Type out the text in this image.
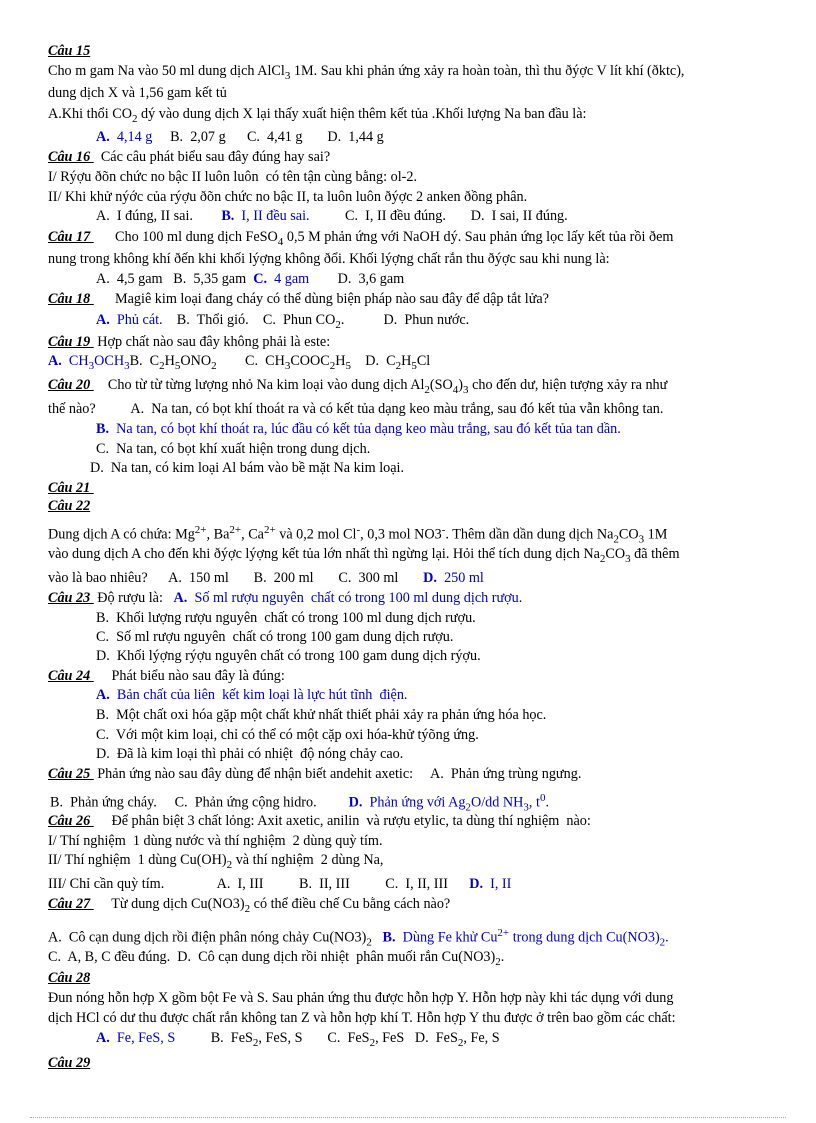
Câu 15
Cho m gam Na vào 50 ml dung dịch AlCl$_3$ 1M. Sau khi phản ứng xảy ra hoàn toàn, thì thu ðýợc V lít khí (ðktc),
dung dịch X và 1,56 gam kết tủ
A.Khi thổi $CO_2$ dý vào dung dịch X lại thấy xuất hiện thêm kết tủa .Khối lượng Na ban đầu là:
A.  4,14 g     B.  2,07 g      C.  4,41 g       D.  1,44 g
Câu 16   Các câu phát biểu sau đây đúng hay sai?
I/ Rýợu ðõn chức no bậc II luôn luôn  có tên tận cùng bằng: ol-2.
II/ Khi khử nýớc của rýợu ðõn chức no bậc II, ta luôn luôn ðýợc 2 anken ðồng phân.
A.  I đúng, II sai.        B.  I, II đều sai.          C.  I, II đều đúng.       D.  I sai, II đúng.
Câu 17       Cho 100 ml dung dịch FeSO$_4$ 0,5 M phản ứng với NaOH dý. Sau phản ứng lọc lấy kết tủa rồi ðem
nung trong không khí ðến khi khối lýợng không ðổi. Khối lýợng chất rắn thu ðýợc sau khi nung là:
A.  4,5 gam   B.  5,35 gam  C.  4 gam        D.  3,6 gam
Câu 18       Magiê kim loại đang cháy có thể dùng biện pháp nào sau đây để dập tắt lửa?
A.  Phủ cát.    B.  Thổi gió.    C.  Phun $CO_2$.           D.  Phun nước.
Câu 19  Hợp chất nào sau đây không phải là este:
A.  $CH_3OCH_3B$.  $C_2H_5ONO_2$        C.  $CH_3COOC_2H_5$    D.  $C_2H_5Cl$
Câu 20     Cho từ từ từng lượng nhỏ Na kim loại vào dung dịch $Al_2(SO_4)_3$ cho đến dư, hiện tượng xảy ra như
thế nào?          A.  Na tan, có bọt khí thoát ra và có kết tủa dạng keo màu trắng, sau đó kết tủa vẫn không tan.
B.  Na tan, có bọt khí thoát ra, lúc đầu có kết tủa dạng keo màu trắng, sau đó kết tủa tan dần.
C.  Na tan, có bọt khí xuất hiện trong dung dịch.
D.  Na tan, có kim loại Al bám vào bề mặt Na kim loại.
Câu 21
Câu 22
Dung dịch A có chứa: $Mg^{2+}$, $Ba^{2+}$, $Ca^{2+}$ và 0,2 mol Cl-, 0,3 mol NO3-. Thêm dần dần dung dịch $Na_2CO_3$ 1M
vào dung dịch A cho đến khi ðýợc lýợng kết tủa lớn nhất thì ngừng lại. Hỏi thể tích dung dịch $Na_2CO_3$ đã thêm
vào là bao nhiêu?      A.  150 ml       B.  200 ml       C.  300 ml       D.  250 ml
Câu 23  Độ rượu là:   A.  Số ml rượu nguyên  chất có trong 100 ml dung dịch rượu.
B.  Khối lượng rượu nguyên  chất có trong 100 ml dung dịch rượu.
C.  Số ml rượu nguyên  chất có trong 100 gam dung dịch rượu.
D.  Khối lýợng rýợu nguyên chất có trong 100 gam dung dịch rýợu.
Câu 24      Phát biểu nào sau đây là đúng:
A.  Bản chất của liên  kết kim loại là lực hút tĩnh  điện.
B.  Một chất oxi hóa gặp một chất khử nhất thiết phải xảy ra phản ứng hóa học.
C.  Với một kim loại, chỉ có thể có một cặp oxi hóa-khử týõng ứng.
D.  Đã là kim loại thì phải có nhiệt  độ nóng chảy cao.
Câu 25  Phản ứng nào sau đây dùng để nhận biết andehit axetic:     A.  Phản ứng trùng ngưng.
B.  Phản ứng cháy.     C.  Phản ứng cộng hidro.         D.  Phản ứng với $Ag_2O/dd$ $NH_3$, $t^0$.
Câu 26      Để phân biệt 3 chất lỏng: Axit axetic, anilin  và rượu etylic, ta dùng thí nghiệm  nào:
I/ Thí nghiệm  1 dùng nước và thí nghiệm  2 dùng quỳ tím.
II/ Thí nghiệm  1 dùng $Cu(OH)_2$ và thí nghiệm  2 dùng Na,
III/ Chỉ cần quỳ tím.               A.  I, III          B.  II, III          C.  I, II, III      D.  I, II
Câu 27      Từ dung dịch $Cu(NO3)_2$ có thể điều chế Cu bằng cách nào?
A.  Cô cạn dung dịch rồi điện phân nóng chảy $Cu(NO3)_2$ B.  Dùng Fe khử $Cu^{2+}$ trong dung dịch $Cu(NO3)_2$.
C.  A, B, C đều đúng.  D.  Cô cạn dung dịch rồi nhiệt  phân muối rắn $Cu(NO3)_2$.
Câu 28
Đun nóng hỗn hợp X gồm bột Fe và S. Sau phản ứng thu được hỗn hợp Y. Hỗn hợp này khi tác dụng với dung
dịch HCl có dư thu được chất rắn không tan Z và hỗn hợp khí T. Hỗn hợp Y thu được ở trên bao gồm các chất:
A.  Fe, FeS, S          B.  FeS$_2$, FeS, S       C.  FeS$_2$, FeS   D.  FeS$_2$, Fe, S
Câu 29
